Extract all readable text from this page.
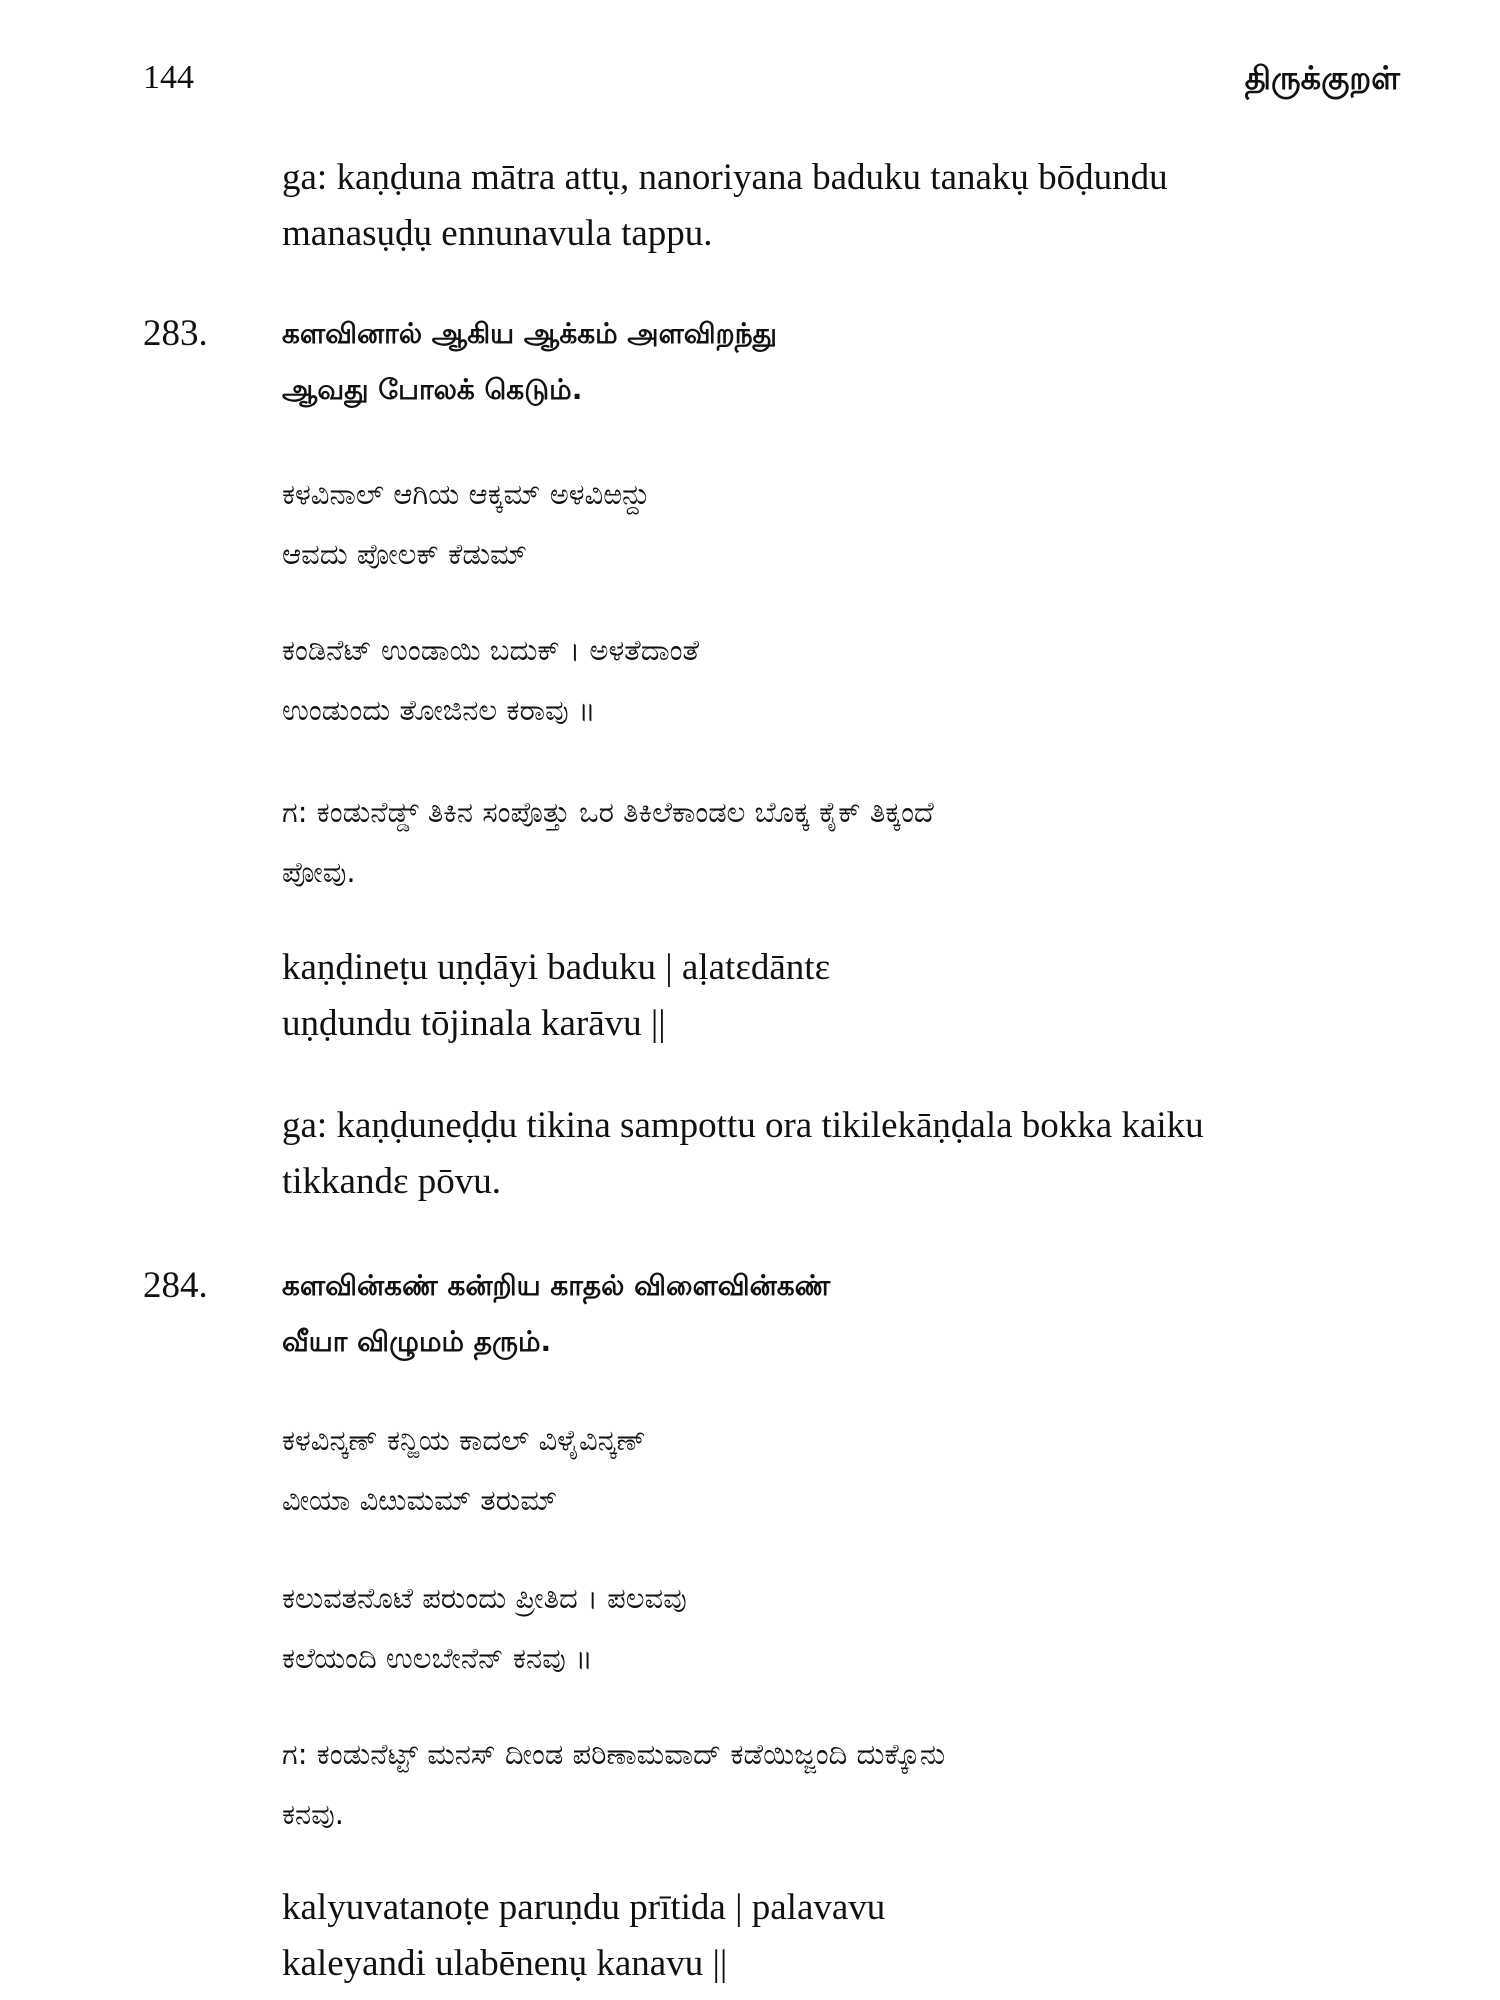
144	திருக்குறள்
ga: kaṇḍuna mātra attụ, nanoriyana baduku tanakụ bōḍundu
manasụḍụ ennunavula tappu.
283.	களவினால் ஆகிய ஆக்கம் அளவிறந்து
ஆவது போலக் கெடும்.
ಕಳವಿನಾಲ್ ಆಗಿಯ ಆಕ್ಕಮ್ ಅಳವಿಱನ್ದು
ಆವದು ಪೋಲಕ್ ಕೆಡುಮ್
ಕಂಡಿನೆಟ್ ಉಂಡಾಯಿ ಬದುಕ್ । ಅಳತೆದಾಂತೆ
ಉಂಡುಂದು ತೋಜಿನಲ ಕರಾವು ॥
ಗ: ಕಂಡುನೆಡ್ಡ್ ತಿಕಿನ ಸಂಪೊತ್ತು ಒರ ತಿಕಿಲೆಕಾಂಡಲ ಬೊಕ್ಕ ಕೈಕ್ ತಿಕ್ಕಂದೆ
ಪೋವು.
kaṇḍineṭu uṇḍāyi baduku | aḷatɛdāntɛ
uṇḍundu tōjinala karāvu ||
ga: kaṇḍuneḍḍu tikina sampottu ora tikilekāṇḍala bokka kaiku
tikkandɛ pōvu.
284.	களவின்கண் கன்றிய காதல் விளைவின்கண்
வீயா விழுமம் தரும்.
ಕಳವಿನ್ಕಣ್ ಕನ್ಱಿಯ ಕಾದಲ್ ವಿಳೈವಿನ್ಕಣ್
ವೀಯಾ ವಿೞುಮಮ್ ತರುಮ್
ಕಲುವತನೊಟೆ ಪರುಂದು ಪ್ರೀತಿದ । ಪಲವವು
ಕಲೆಯಂದಿ ಉಲಬೇನೆನ್ ಕನವು ॥
ಗ: ಕಂಡುನೆಟ್ಟ್ ಮನಸ್ ದೀಂಡ ಪರಿಣಾಮವಾದ್ ಕಡೆಯಿಜ್ಜಂದಿ ದುಕ್ಕೊನು
ಕನವು.
kalyuvatanoṭe paruṇdu prītida | palavavu
kaleyandi ulabēnenụ kanavu ||
